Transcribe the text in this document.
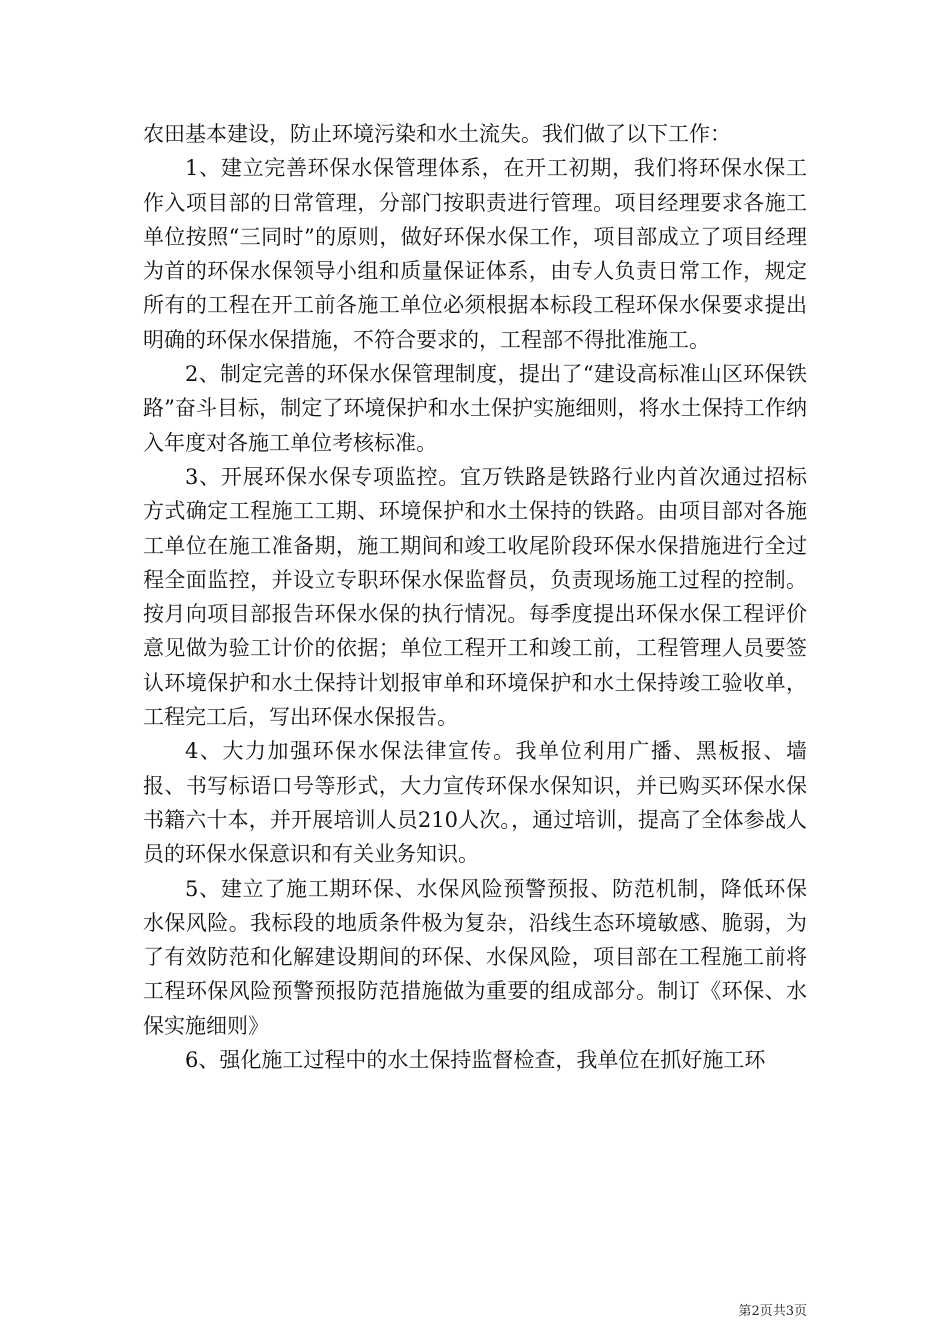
农田基本建设，防止环境污染和水土流失。我们做了以下工作：

1、建立完善环保水保管理体系，在开工初期，我们将环保水保工作入项目部的日常管理，分部门按职责进行管理。项目经理要求各施工单位按照“三同时”的原则，做好环保水保工作，项目部成立了项目经理为首的环保水保领导小组和质量保证体系，由专人负责日常工作，规定所有的工程在开工前各施工单位必须根据本标段工程环保水保要求提出明确的环保水保措施，不符合要求的，工程部不得批准施工。

2、制定完善的环保水保管理制度，提出了“建设高标准山区环保铁路”奋斗目标，制定了环境保护和水土保护实施细则，将水土保持工作纳入年度对各施工单位考核标准。

3、开展环保水保专项监控。宜万铁路是铁路行业内首次通过招标方式确定工程施工工期、环境保护和水土保持的铁路。由项目部对各施工单位在施工准备期，施工期间和竣工收尾阶段环保水保措施进行全过程全面监控，并设立专职环保水保监督员，负责现场施工过程的控制。按月向项目部报告环保水保的执行情况。每季度提出环保水保工程评价意见做为验工计价的依据；单位工程开工和竣工前，工程管理人员要签认环境保护和水土保持计划报审单和环境保护和水土保持竣工验收单，工程完工后，写出环保水保报告。

4、大力加强环保水保法律宣传。我单位利用广播、黑板报、墙报、书写标语口号等形式，大力宣传环保水保知识，并已购买环保水保书籍六十本，并开展培训人员210人次。，通过培训，提高了全体参战人员的环保水保意识和有关业务知识。

5、建立了施工期环保、水保风险预警预报、防范机制，降低环保水保风险。我标段的地质条件极为复杂，沿线生态环境敏感、脆弱，为了有效防范和化解建设期间的环保、水保风险，项目部在工程施工前将工程环保风险预警预报防范措施做为重要的组成部分。制订《环保、水保实施细则》

6、强化施工过程中的水土保持监督检查，我单位在抓好施工环

第2页共3页
